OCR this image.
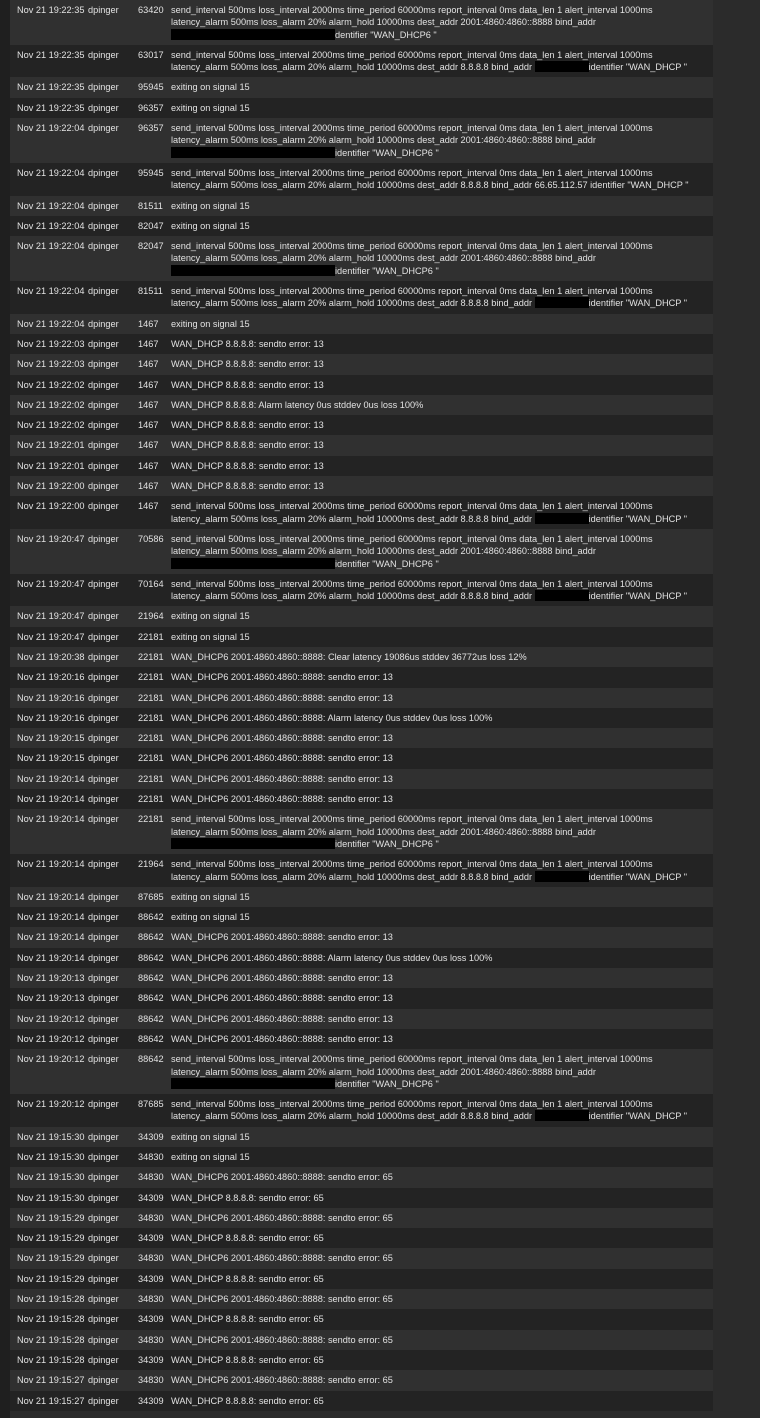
Nov 21 19:22:35 dpinger	63420 send_interval 500ms loss_interval 2000ms time_period 60000ms report_interval 0ms data_len 1 alert_interval 1000ms latency_alarm 500ms loss_alarm 20% alarm_hold 10000ms dest_addr 2001:4860:4860::8888 bind_addr dentifier "WAN_DHCP6 "
Nov 21 19:22:35 dpinger	63017 send_interval 500ms loss_interval 2000ms time_period 60000ms report_interval 0ms data_len 1 alert_interval 1000ms latency_alarm 500ms loss_alarm 20% alarm_hold 10000ms dest_addr 8.8.8.8 bind_addr	identifier "WAN_DHCP "
Nov 21 19:22:35 dpinger	95945 exiting on signal 15
Nov 21 19:22:35 dpinger	96357 exiting on signal 15
Nov 21 19:22:04 dpinger	96357 send_interval 500ms loss_interval 2000ms time_period 60000ms report_interval 0ms data_len 1 alert_interval 1000ms latency_alarm 500ms loss_alarm 20% alarm_hold 10000ms dest_addr 2001:4860:4860::8888 bind_addr identifier "WAN_DHCP6 "
Nov 21 19:22:04 dpinger	95945 send_interval 500ms loss_interval 2000ms time_period 60000ms report_interval 0ms data_len 1 alert_interval 1000ms latency_alarm 500ms loss_alarm 20% alarm_hold 10000ms dest_addr 8.8.8.8 bind_addr 66.65.112.57 identifier "WAN_DHCP "
Nov 21 19:22:04 dpinger	81511 exiting on signal 15
Nov 21 19:22:04 dpinger	82047 exiting on signal 15
Nov 21 19:22:04 dpinger	82047 send_interval 500ms loss_interval 2000ms time_period 60000ms report_interval 0ms data_len 1 alert_interval 1000ms latency_alarm 500ms loss_alarm 20% alarm_hold 10000ms dest_addr 2001:4860:4860::8888 bind_addr identifier "WAN_DHCP6 "
Nov 21 19:22:04 dpinger	81511 send_interval 500ms loss_interval 2000ms time_period 60000ms report_interval 0ms data_len 1 alert_interval 1000ms latency_alarm 500ms loss_alarm 20% alarm_hold 10000ms dest_addr 8.8.8.8 bind_addr	identifier "WAN_DHCP "
Nov 21 19:22:04 dpinger	1467	exiting on signal 15
Nov 21 19:22:03 dpinger	1467	WAN_DHCP 8.8.8.8: sendto error: 13
Nov 21 19:22:03 dpinger	1467	WAN_DHCP 8.8.8.8: sendto error: 13
Nov 21 19:22:02 dpinger	1467	WAN_DHCP 8.8.8.8: sendto error: 13
Nov 21 19:22:02 dpinger	1467	WAN_DHCP 8.8.8.8: Alarm latency 0us stddev 0us loss 100%
Nov 21 19:22:02 dpinger	1467	WAN_DHCP 8.8.8.8: sendto error: 13
Nov 21 19:22:01 dpinger	1467	WAN_DHCP 8.8.8.8: sendto error: 13
Nov 21 19:22:01 dpinger	1467	WAN_DHCP 8.8.8.8: sendto error: 13
Nov 21 19:22:00 dpinger	1467	WAN_DHCP 8.8.8.8: sendto error: 13
Nov 21 19:22:00 dpinger	1467	send_interval 500ms loss_interval 2000ms time_period 60000ms report_interval 0ms data_len 1 alert_interval 1000ms latency_alarm 500ms loss_alarm 20% alarm_hold 10000ms dest_addr 8.8.8.8 bind_addr	identifier "WAN_DHCP "
Nov 21 19:20:47 dpinger	70586 send_interval 500ms loss_interval 2000ms time_period 60000ms report_interval 0ms data_len 1 alert_interval 1000ms latency_alarm 500ms loss_alarm 20% alarm_hold 10000ms dest_addr 2001:4860:4860::8888 bind_addr identifier "WAN_DHCP6 "
Nov 21 19:20:47 dpinger	70164 send_interval 500ms loss_interval 2000ms time_period 60000ms report_interval 0ms data_len 1 alert_interval 1000ms latency_alarm 500ms loss_alarm 20% alarm_hold 10000ms dest_addr 8.8.8.8 bind_addr	identifier "WAN_DHCP "
Nov 21 19:20:47 dpinger	21964 exiting on signal 15
Nov 21 19:20:47 dpinger	22181 exiting on signal 15
Nov 21 19:20:38 dpinger	22181 WAN_DHCP6 2001:4860:4860::8888: Clear latency 19086us stddev 36772us loss 12%
Nov 21 19:20:16 dpinger	22181 WAN_DHCP6 2001:4860:4860::8888: sendto error: 13
Nov 21 19:20:16 dpinger	22181 WAN_DHCP6 2001:4860:4860::8888: sendto error: 13
Nov 21 19:20:16 dpinger	22181 WAN_DHCP6 2001:4860:4860::8888: Alarm latency 0us stddev 0us loss 100%
Nov 21 19:20:15 dpinger	22181 WAN_DHCP6 2001:4860:4860::8888: sendto error: 13
Nov 21 19:20:15 dpinger	22181 WAN_DHCP6 2001:4860:4860::8888: sendto error: 13
Nov 21 19:20:14 dpinger	22181 WAN_DHCP6 2001:4860:4860::8888: sendto error: 13
Nov 21 19:20:14 dpinger	22181 WAN_DHCP6 2001:4860:4860::8888: sendto error: 13
Nov 21 19:20:14 dpinger	22181 send_interval 500ms loss_interval 2000ms time_period 60000ms report_interval 0ms data_len 1 alert_interval 1000ms latency_alarm 500ms loss_alarm 20% alarm_hold 10000ms dest_addr 2001:4860:4860::8888 bind_addr identifier "WAN_DHCP6 "
Nov 21 19:20:14 dpinger	21964 send_interval 500ms loss_interval 2000ms time_period 60000ms report_interval 0ms data_len 1 alert_interval 1000ms latency_alarm 500ms loss_alarm 20% alarm_hold 10000ms dest_addr 8.8.8.8 bind_addr	identifier "WAN_DHCP "
Nov 21 19:20:14 dpinger	87685 exiting on signal 15
Nov 21 19:20:14 dpinger	88642 exiting on signal 15
Nov 21 19:20:14 dpinger	88642 WAN_DHCP6 2001:4860:4860::8888: sendto error: 13
Nov 21 19:20:14 dpinger	88642 WAN_DHCP6 2001:4860:4860::8888: Alarm latency 0us stddev 0us loss 100%
Nov 21 19:20:13 dpinger	88642 WAN_DHCP6 2001:4860:4860::8888: sendto error: 13
Nov 21 19:20:13 dpinger	88642 WAN_DHCP6 2001:4860:4860::8888: sendto error: 13
Nov 21 19:20:12 dpinger	88642 WAN_DHCP6 2001:4860:4860::8888: sendto error: 13
Nov 21 19:20:12 dpinger	88642 WAN_DHCP6 2001:4860:4860::8888: sendto error: 13
Nov 21 19:20:12 dpinger	88642 send_interval 500ms loss_interval 2000ms time_period 60000ms report_interval 0ms data_len 1 alert_interval 1000ms latency_alarm 500ms loss_alarm 20% alarm_hold 10000ms dest_addr 2001:4860:4860::8888 bind_addr identifier "WAN_DHCP6 "
Nov 21 19:20:12 dpinger	87685 send_interval 500ms loss_interval 2000ms time_period 60000ms report_interval 0ms data_len 1 alert_interval 1000ms latency_alarm 500ms loss_alarm 20% alarm_hold 10000ms dest_addr 8.8.8.8 bind_addr	identifier "WAN_DHCP "
Nov 21 19:15:30 dpinger	34309 exiting on signal 15
Nov 21 19:15:30 dpinger	34830 exiting on signal 15
Nov 21 19:15:30 dpinger	34830 WAN_DHCP6 2001:4860:4860::8888: sendto error: 65
Nov 21 19:15:30 dpinger	34309 WAN_DHCP 8.8.8.8: sendto error: 65
Nov 21 19:15:29 dpinger	34830 WAN_DHCP6 2001:4860:4860::8888: sendto error: 65
Nov 21 19:15:29 dpinger	34309 WAN_DHCP 8.8.8.8: sendto error: 65
Nov 21 19:15:29 dpinger	34830 WAN_DHCP6 2001:4860:4860::8888: sendto error: 65
Nov 21 19:15:29 dpinger	34309 WAN_DHCP 8.8.8.8: sendto error: 65
Nov 21 19:15:28 dpinger	34830 WAN_DHCP6 2001:4860:4860::8888: sendto error: 65
Nov 21 19:15:28 dpinger	34309 WAN_DHCP 8.8.8.8: sendto error: 65
Nov 21 19:15:28 dpinger	34830 WAN_DHCP6 2001:4860:4860::8888: sendto error: 65
Nov 21 19:15:28 dpinger	34309 WAN_DHCP 8.8.8.8: sendto error: 65
Nov 21 19:15:27 dpinger	34830 WAN_DHCP6 2001:4860:4860::8888: sendto error: 65
Nov 21 19:15:27 dpinger	34309 WAN_DHCP 8.8.8.8: sendto error: 65
